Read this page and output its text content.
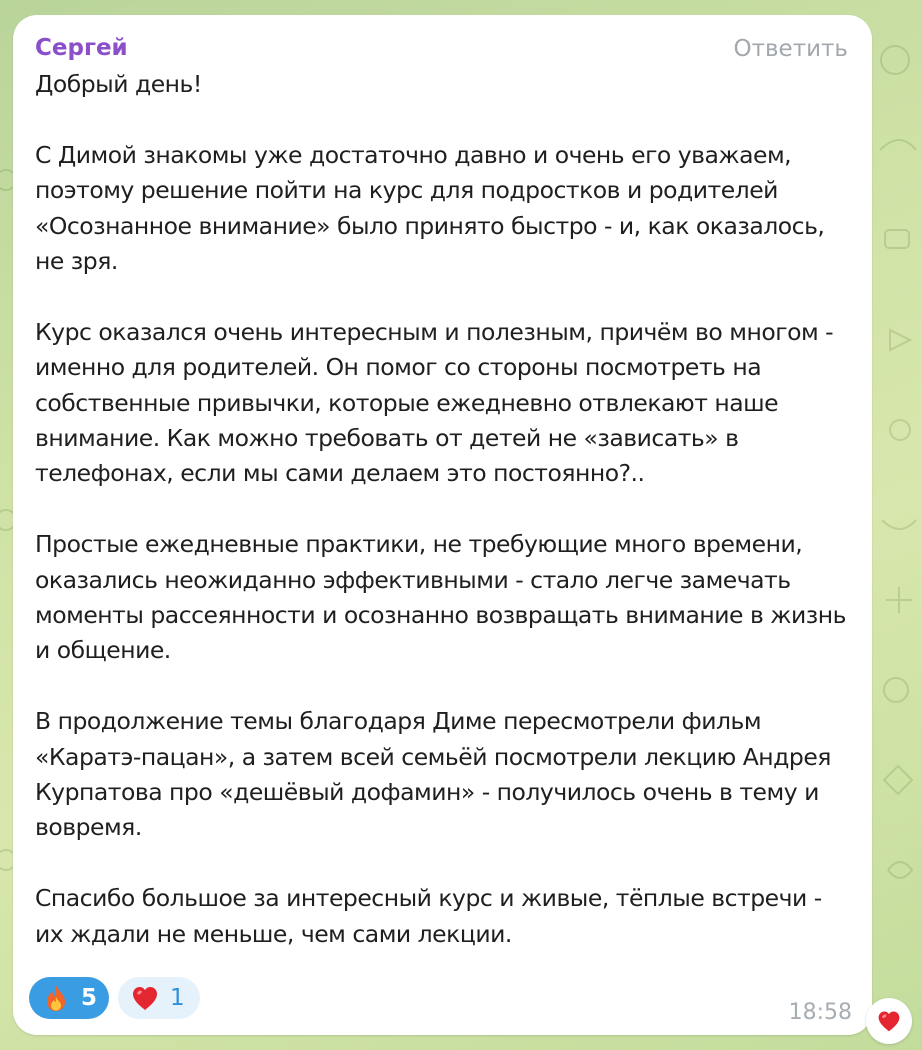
Сергей	Ответить

Добрый день!

С Димой знакомы уже достаточно давно и очень его уважаем, поэтому решение пойти на курс для подростков и родителей «Осознанное внимание» было принято быстро - и, как оказалось, не зря.

Курс оказался очень интересным и полезным, причём во многом - именно для родителей. Он помог со стороны посмотреть на собственные привычки, которые ежедневно отвлекают наше внимание. Как можно требовать от детей не «зависать» в телефонах, если мы сами делаем это постоянно?..

Простые ежедневные практики, не требующие много времени, оказались неожиданно эффективными - стало легче замечать моменты рассеянности и осознанно возвращать внимание в жизнь и общение.

В продолжение темы благодаря Диме пересмотрели фильм «Каратэ-пацан», а затем всей семьёй посмотрели лекцию Андрея Курпатова про «дешёвый дофамин» - получилось очень в тему и вовремя.

Спасибо большое за интересный курс и живые, тёплые встречи - их ждали не меньше, чем сами лекции.

5	1
18:58
